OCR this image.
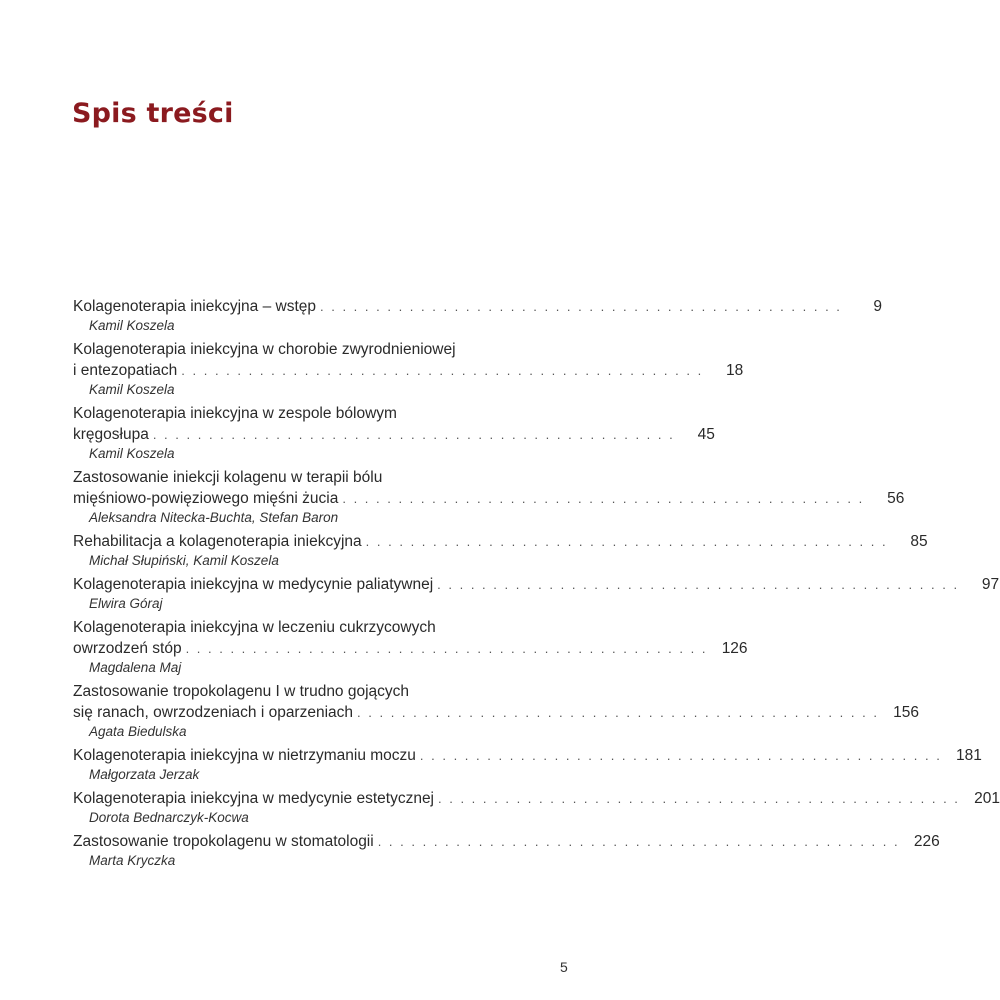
Spis treści
Kolagenoterapia iniekcyjna – wstęp . . . . . . . . . . . . . . . . . . . . . . . . . . . . . . . . . . . . . . . . . . . . . . .	9
Kamil Koszela
Kolagenoterapia iniekcyjna w chorobie zwyrodnieniowej
i entezopatiach . . . . . . . . . . . . . . . . . . . . . . . . . . . . . . . . . . . . . . . . . . . . . . .	18
Kamil Koszela
Kolagenoterapia iniekcyjna w zespole bólowym
kręgosłupa . . . . . . . . . . . . . . . . . . . . . . . . . . . . . . . . . . . . . . . . . . . . . . .	45
Kamil Koszela
Zastosowanie iniekcji kolagenu w terapii bólu
mięśniowo-powięziowego mięśni żucia . . . . . . . . . . . . . . . . . . . . . . . . . . . . . . . . . . . . . . . . . . . . . . .	56
Aleksandra Nitecka-Buchta, Stefan Baron
Rehabilitacja a kolagenoterapia iniekcyjna . . . . . . . . . . . . . . . . . . . . . . . . . . . . . . . . . . . . . . . . . . . . . . .	85
Michał Słupiński, Kamil Koszela
Kolagenoterapia iniekcyjna w medycynie paliatywnej . . . . . . . . . . . . . . . . . . . . . . . . . . . . . . . . . . . . . . . . . . . . . . .	97
Elwira Góraj
Kolagenoterapia iniekcyjna w leczeniu cukrzycowych
owrzodzeń stóp . . . . . . . . . . . . . . . . . . . . . . . . . . . . . . . . . . . . . . . . . . . . . . . 126
Magdalena Maj
Zastosowanie tropokolagenu I w trudno gojących
się ranach, owrzodzeniach i oparzeniach . . . . . . . . . . . . . . . . . . . . . . . . . . . . . . . . . . . . . . . . . . . . . . . 156
Agata Biedulska
Kolagenoterapia iniekcyjna w nietrzymaniu moczu . . . . . . . . . . . . . . . . . . . . . . . . . . . . . . . . . . . . . . . . . . . . . . . 181
Małgorzata Jerzak
Kolagenoterapia iniekcyjna w medycynie estetycznej . . . . . . . . . . . . . . . . . . . . . . . . . . . . . . . . . . . . . . . . . . . . . . . 201
Dorota Bednarczyk-Kocwa
Zastosowanie tropokolagenu w stomatologii . . . . . . . . . . . . . . . . . . . . . . . . . . . . . . . . . . . . . . . . . . . . . . . 226
Marta Kryczka
5
